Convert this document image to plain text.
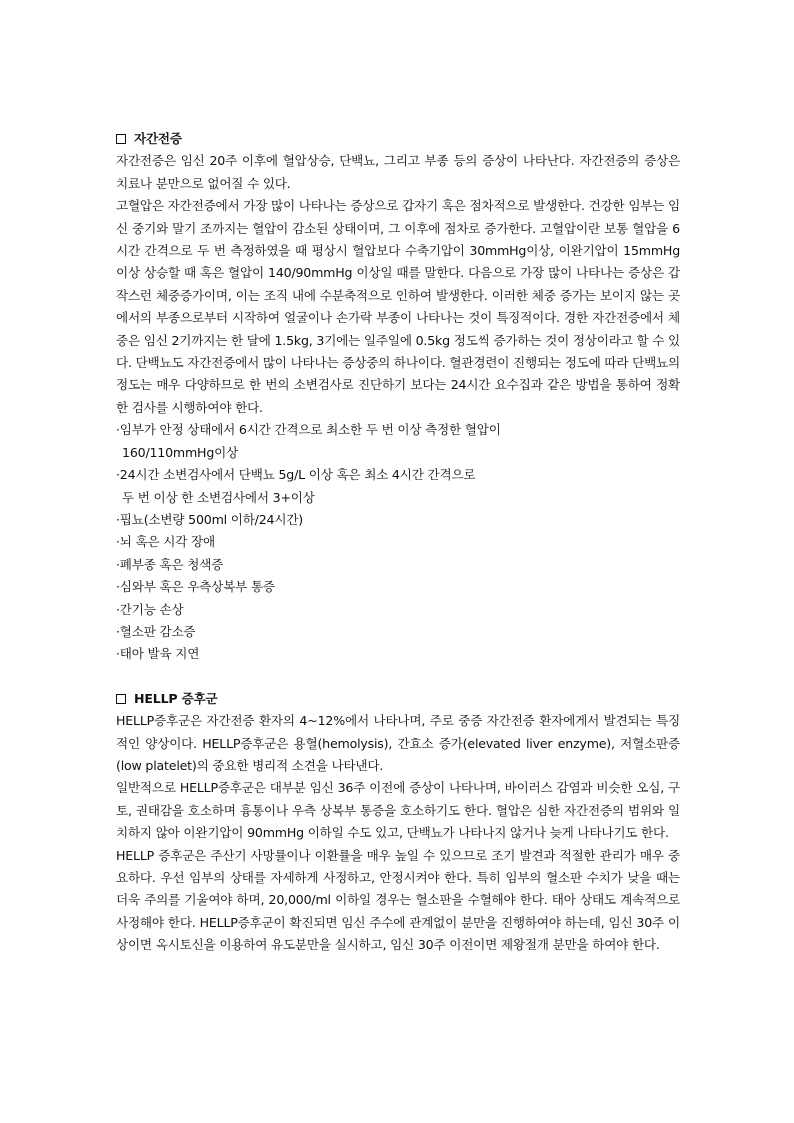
자간전증

자간전증은 임신 20주 이후에 혈압상승, 단백뇨, 그리고 부종 등의 증상이 나타난다. 자간전증의 증상은 치료나 분만으로 없어질 수 있다.

고혈압은 자간전증에서 가장 많이 나타나는 증상으로 갑자기 혹은 점차적으로 발생한다. 건강한 임부는 임신 중기와 말기 조까지는 혈압이 감소된 상태이며, 그 이후에 점차로 증가한다. 고혈압이란 보통 혈압을 6시간 간격으로 두 번 측정하였을 때 평상시 혈압보다 수축기압이 30mmHg이상, 이완기압이 15mmHg이상 상승할 때 혹은 혈압이 140/90mmHg 이상일 때를 말한다. 다음으로 가장 많이 나타나는 증상은 갑작스런 체중증가이며, 이는 조직 내에 수분축적으로 인하여 발생한다. 이러한 체중 증가는 보이지 않는 곳에서의 부종으로부터 시작하여 얼굴이나 손가락 부종이 나타나는 것이 특징적이다. 경한 자간전증에서 체중은 임신 2기까지는 한 달에 1.5kg, 3기에는 일주일에 0.5kg 정도씩 증가하는 것이 정상이라고 할 수 있다. 단백뇨도 자간전증에서 많이 나타나는 증상중의 하나이다. 혈관경련이 진행되는 정도에 따라 단백뇨의 정도는 매우 다양하므로 한 번의 소변검사로 진단하기 보다는 24시간 요수집과 같은 방법을 통하여 정확한 검사를 시행하여야 한다.

·임부가 안정 상태에서 6시간 간격으로 최소한 두 번 이상 측정한 혈압이
160/110mmHg이상
·24시간 소변검사에서 단백뇨 5g/L 이상 혹은 최소 4시간 간격으로
두 번 이상 한 소변검사에서 3+이상
·핍뇨(소변량 500ml 이하/24시간)
·뇌 혹은 시각 장애
·폐부종 혹은 청색증
·심와부 혹은 우측상복부 통증
·간기능 손상
·혈소판 감소증
·태아 발육 지연
HELLP 증후군

HELLP증후군은 자간전증 환자의 4~12%에서 나타나며, 주로 중증 자간전증 환자에게서 발견되는 특징적인 양상이다. HELLP증후군은 용혈(hemolysis), 간효소 증가(elevated liver enzyme), 저혈소판증(low platelet)의 중요한 병리적 소견을 나타낸다.

일반적으로 HELLP증후군은 대부분 임신 36주 이전에 증상이 나타나며, 바이러스 감염과 비슷한 오심, 구토, 권태감을 호소하며 흉통이나 우측 상복부 통증을 호소하기도 한다. 혈압은 심한 자간전증의 범위와 일치하지 않아 이완기압이 90mmHg 이하일 수도 있고, 단백뇨가 나타나지 않거나 늦게 나타나기도 한다.

HELLP 증후군은 주산기 사망률이나 이환률을 매우 높일 수 있으므로 조기 발견과 적절한 관리가 매우 중요하다. 우선 임부의 상태를 자세하게 사정하고, 안정시켜야 한다. 특히 임부의 혈소판 수치가 낮을 때는 더욱 주의를 기울여야 하며, 20,000/ml 이하일 경우는 혈소판을 수혈해야 한다. 태아 상태도 계속적으로 사정해야 한다. HELLP증후군이 확진되면 임신 주수에 관계없이 분만을 진행하여야 하는데, 임신 30주 이상이면 옥시토신을 이용하여 유도분만을 실시하고, 임신 30주 이전이면 제왕절개 분만을 하여야 한다.
